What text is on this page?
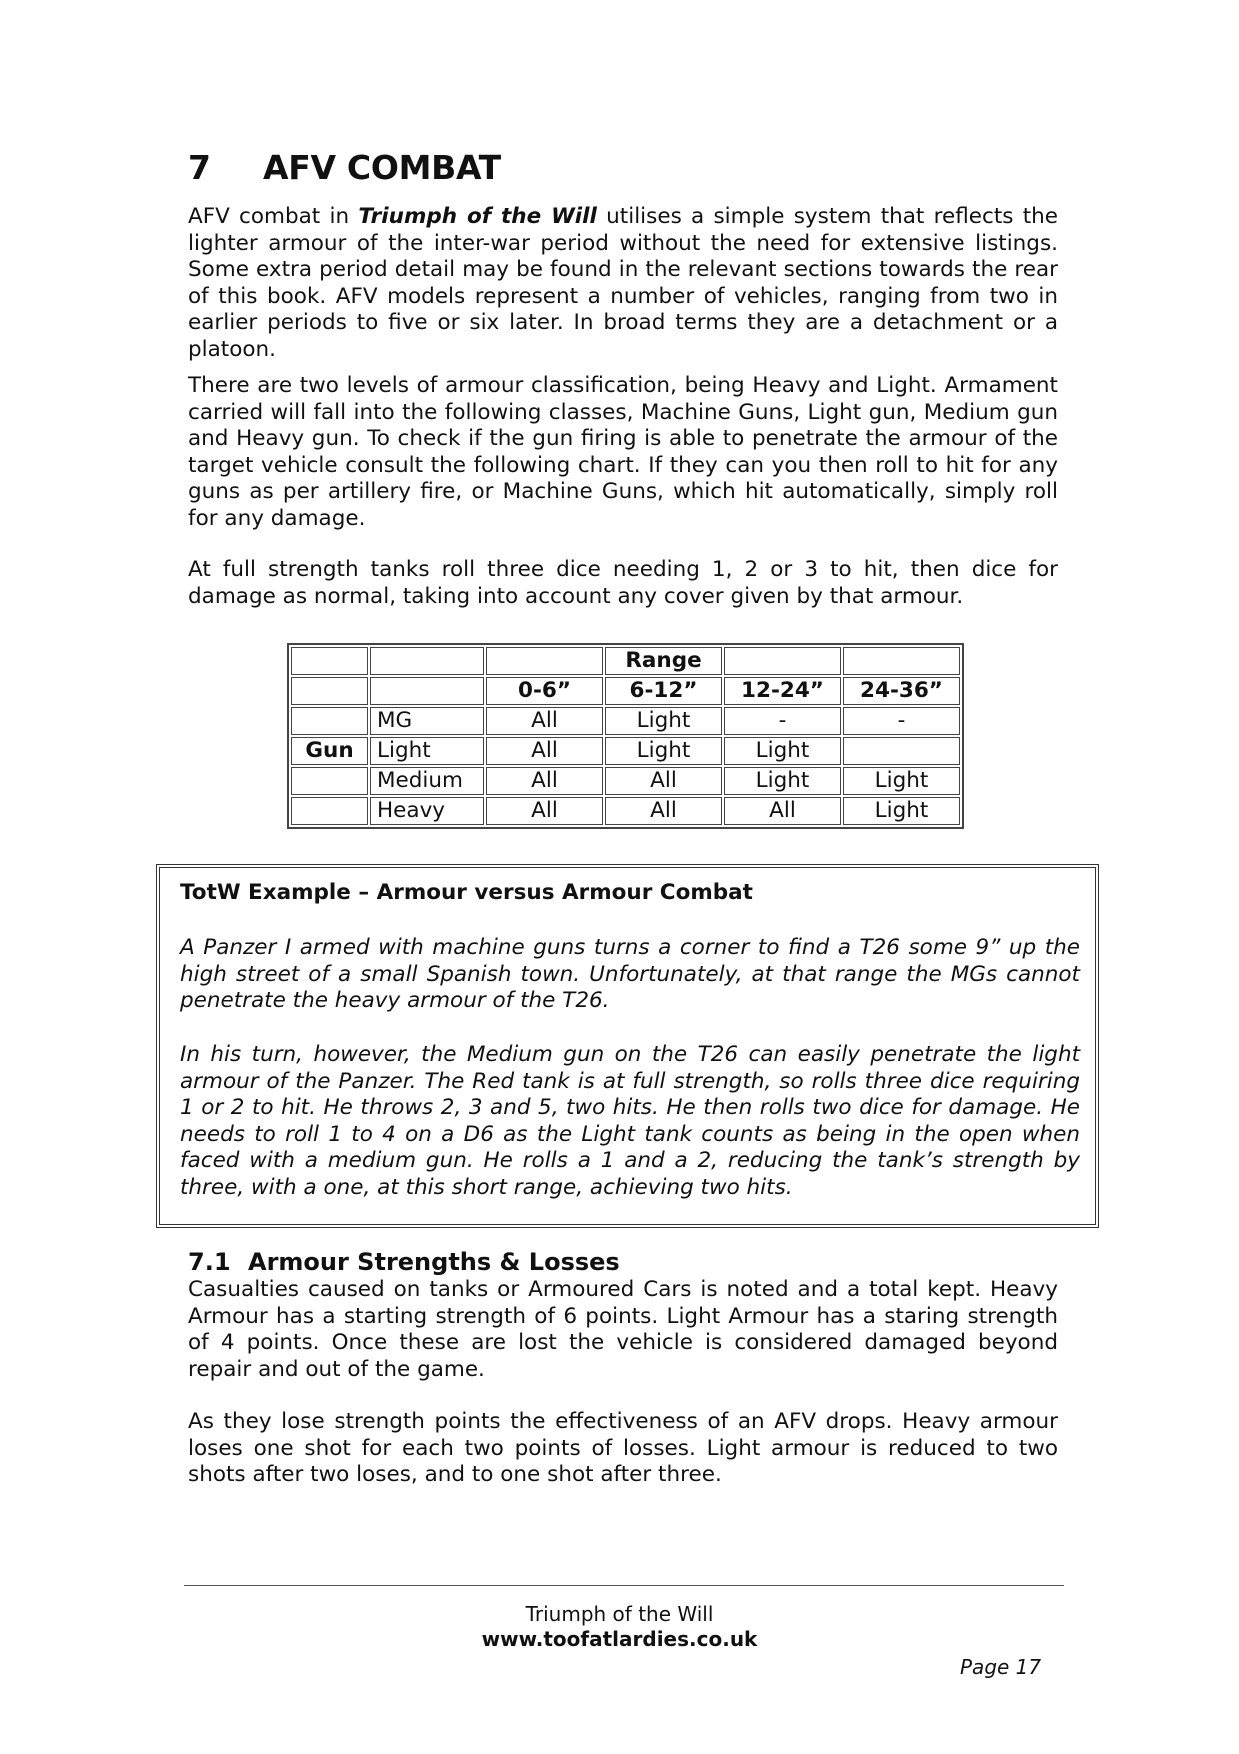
7 AFV COMBAT

AFV combat in Triumph of the Will utilises a simple system that reflects the lighter armour of the inter-war period without the need for extensive listings. Some extra period detail may be found in the relevant sections towards the rear of this book. AFV models represent a number of vehicles, ranging from two in earlier periods to five or six later. In broad terms they are a detachment or a platoon.

There are two levels of armour classification, being Heavy and Light. Armament carried will fall into the following classes, Machine Guns, Light gun, Medium gun and Heavy gun. To check if the gun firing is able to penetrate the armour of the target vehicle consult the following chart. If they can you then roll to hit for any guns as per artillery fire, or Machine Guns, which hit automatically, simply roll for any damage.

At full strength tanks roll three dice needing 1, 2 or 3 to hit, then dice for damage as normal, taking into account any cover given by that armour.

			Range		
		0-6”	6-12”	12-24”	24-36”
	MG	All	Light	-	-
Gun	Light	All	Light	Light	
	Medium	All	All	Light	Light
	Heavy	All	All	All	Light

TotW Example – Armour versus Armour Combat

A Panzer I armed with machine guns turns a corner to find a T26 some 9” up the high street of a small Spanish town. Unfortunately, at that range the MGs cannot penetrate the heavy armour of the T26.

In his turn, however, the Medium gun on the T26 can easily penetrate the light armour of the Panzer. The Red tank is at full strength, so rolls three dice requiring 1 or 2 to hit. He throws 2, 3 and 5, two hits. He then rolls two dice for damage. He needs to roll 1 to 4 on a D6 as the Light tank counts as being in the open when faced with a medium gun. He rolls a 1 and a 2, reducing the tank’s strength by three, with a one, at this short range, achieving two hits.

7.1 Armour Strengths & Losses

Casualties caused on tanks or Armoured Cars is noted and a total kept. Heavy Armour has a starting strength of 6 points. Light Armour has a staring strength of 4 points. Once these are lost the vehicle is considered damaged beyond repair and out of the game.

As they lose strength points the effectiveness of an AFV drops. Heavy armour loses one shot for each two points of losses. Light armour is reduced to two shots after two loses, and to one shot after three.

Triumph of the Will

www.toofatlardies.co.uk

Page 17
